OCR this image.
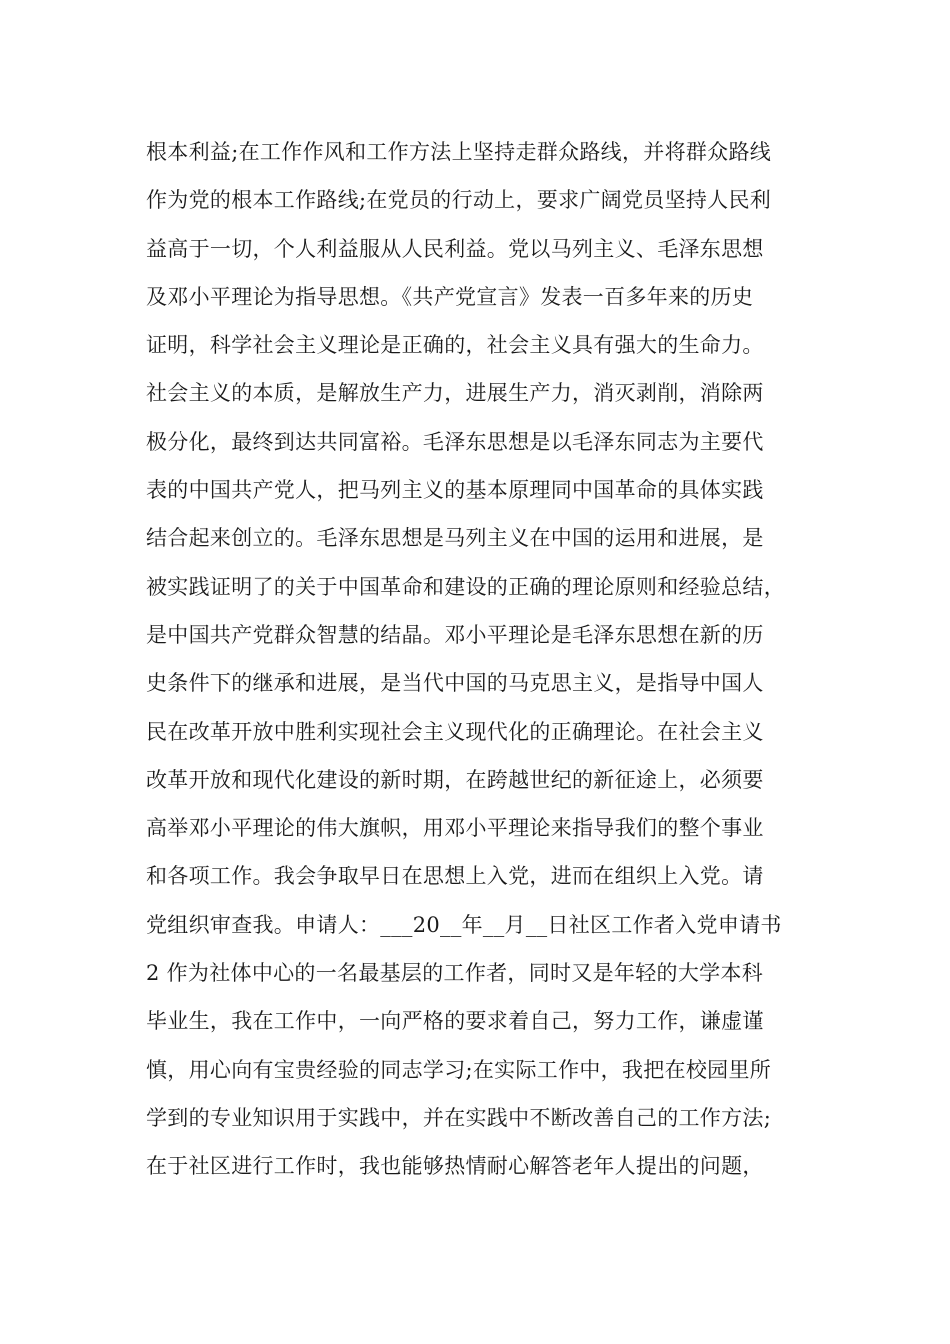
根本利益;在工作作风和工作方法上坚持走群众路线，并将群众路线
作为党的根本工作路线;在党员的行动上，要求广阔党员坚持人民利
益高于一切，个人利益服从人民利益。党以马列主义、毛泽东思想
及邓小平理论为指导思想。《共产党宣言》发表一百多年来的历史
证明，科学社会主义理论是正确的，社会主义具有强大的生命力。
社会主义的本质，是解放生产力，进展生产力，消灭剥削，消除两
极分化，最终到达共同富裕。毛泽东思想是以毛泽东同志为主要代
表的中国共产党人，把马列主义的基本原理同中国革命的具体实践
结合起来创立的。毛泽东思想是马列主义在中国的运用和进展，是
被实践证明了的关于中国革命和建设的正确的理论原则和经验总结，
是中国共产党群众智慧的结晶。邓小平理论是毛泽东思想在新的历
史条件下的继承和进展，是当代中国的马克思主义，是指导中国人
民在改革开放中胜利实现社会主义现代化的正确理论。在社会主义
改革开放和现代化建设的新时期，在跨越世纪的新征途上，必须要
高举邓小平理论的伟大旗帜，用邓小平理论来指导我们的整个事业
和各项工作。我会争取早日在思想上入党，进而在组织上入党。请
党组织审查我。申请人：___20__年__月__日社区工作者入党申请书
2 作为社体中心的一名最基层的工作者，同时又是年轻的大学本科
毕业生，我在工作中，一向严格的要求着自己，努力工作，谦虚谨
慎，用心向有宝贵经验的同志学习;在实际工作中，我把在校园里所
学到的专业知识用于实践中，并在实践中不断改善自己的工作方法;
在于社区进行工作时，我也能够热情耐心解答老年人提出的问题，
